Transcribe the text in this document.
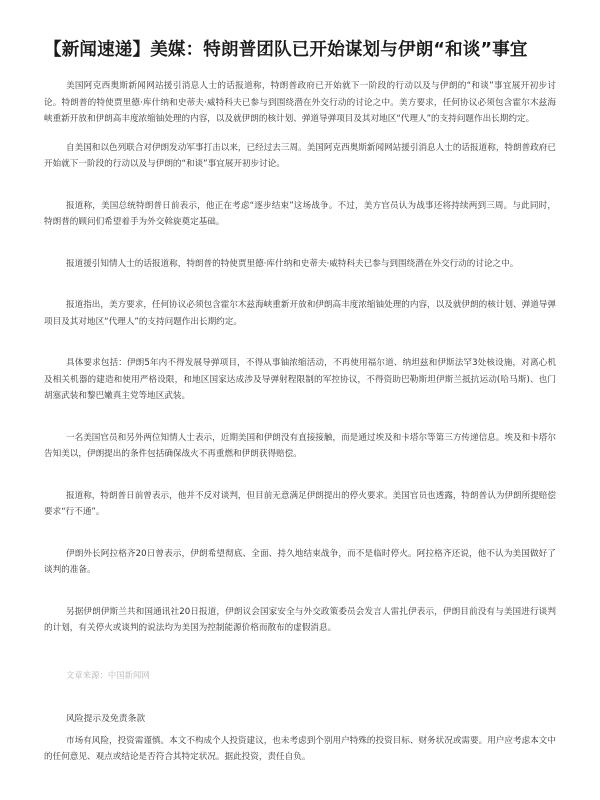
【新闻速递】美媒：特朗普团队已开始谋划与伊朗“和谈”事宜

美国阿克西奥斯新闻网站援引消息人士的话报道称，特朗普政府已开始就下一阶段的行动以及与伊朗的“和谈”事宜展开初步讨论。特朗普的特使贾里德·库什纳和史蒂夫·威特科夫已参与到围绕潜在外交行动的讨论之中。美方要求，任何协议必须包含霍尔木兹海峡重新开放和伊朗高丰度浓缩铀处理的内容，以及就伊朗的核计划、弹道导弹项目及其对地区“代理人”的支持问题作出长期约定。

自美国和以色列联合对伊朗发动军事打击以来，已经过去三周。美国阿克西奥斯新闻网站援引消息人士的话报道称，特朗普政府已开始就下一阶段的行动以及与伊朗的“和谈”事宜展开初步讨论。

报道称，美国总统特朗普日前表示，他正在考虑“逐步结束”这场战争。不过，美方官员认为战事还将持续两到三周。与此同时，特朗普的顾问们希望着手为外交斡旋奠定基础。

报道援引知情人士的话报道称，特朗普的特使贾里德·库什纳和史蒂夫·威特科夫已参与到围绕潜在外交行动的讨论之中。

报道指出，美方要求，任何协议必须包含霍尔木兹海峡重新开放和伊朗高丰度浓缩铀处理的内容，以及就伊朗的核计划、弹道导弹项目及其对地区“代理人”的支持问题作出长期约定。

具体要求包括：伊朗5年内不得发展导弹项目，不得从事铀浓缩活动，不再使用福尔道、纳坦兹和伊斯法罕3处核设施，对离心机及相关机器的建造和使用严格设限，和地区国家达成涉及导弹射程限制的军控协议，不得资助巴勒斯坦伊斯兰抵抗运动(哈马斯)、也门胡塞武装和黎巴嫩真主党等地区武装。

一名美国官员和另外两位知情人士表示，近期美国和伊朗没有直接接触，而是通过埃及和卡塔尔等第三方传递信息。埃及和卡塔尔告知美以，伊朗提出的条件包括确保战火不再重燃和伊朗获得赔偿。

报道称，特朗普日前曾表示，他并不反对谈判，但目前无意满足伊朗提出的停火要求。美国官员也透露，特朗普认为伊朗所提赔偿要求“行不通”。

伊朗外长阿拉格齐20日曾表示，伊朗希望彻底、全面、持久地结束战争，而不是临时停火。阿拉格齐还说，他不认为美国做好了谈判的准备。

另据伊朗伊斯兰共和国通讯社20日报道，伊朗议会国家安全与外交政策委员会发言人雷扎伊表示，伊朗目前没有与美国进行谈判的计划，有关停火或谈判的说法均为美国为控制能源价格而散布的虚假消息。

文章来源：中国新闻网

风险提示及免责条款

市场有风险，投资需谨慎。本文不构成个人投资建议，也未考虑到个别用户特殊的投资目标、财务状况或需要。用户应考虑本文中的任何意见、观点或结论是否符合其特定状况。据此投资，责任自负。
